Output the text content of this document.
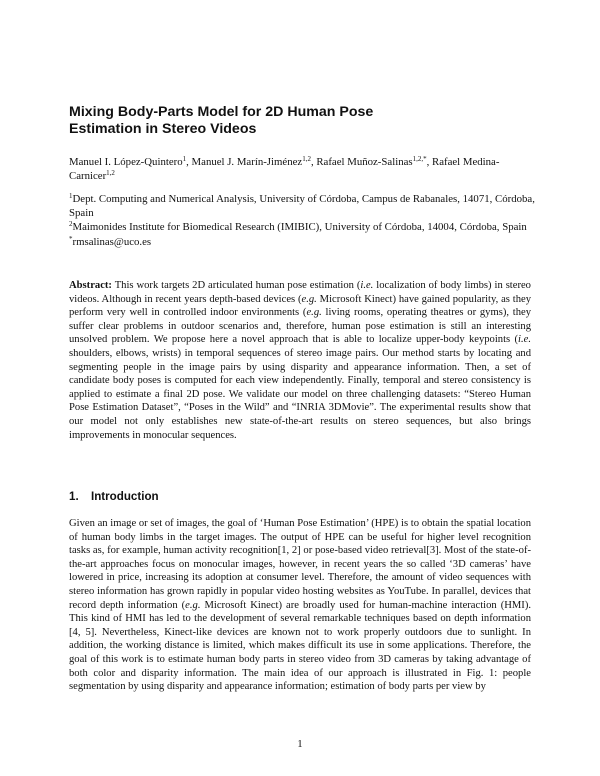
Mixing Body-Parts Model for 2D Human Pose
Estimation in Stereo Videos
Manuel I. López-Quintero$^1$, Manuel J. Marín-Jiménez$^{1,2}$, Rafael Muñoz-Salinas$^{1,2,*}$, Rafael Medina-Carnicer$^{1,2}$
$^1$Dept. Computing and Numerical Analysis, University of Córdoba, Campus de Rabanales, 14071, Córdoba, Spain
$^2$Maimonides Institute for Biomedical Research (IMIBIC), University of Córdoba, 14004, Córdoba, Spain
*rmsalinas@uco.es
Abstract: This work targets 2D articulated human pose estimation (i.e. localization of body limbs) in stereo videos. Although in recent years depth-based devices (e.g. Microsoft Kinect) have gained popularity, as they perform very well in controlled indoor environments (e.g. living rooms, operating theatres or gyms), they suffer clear problems in outdoor scenarios and, therefore, human pose estimation is still an interesting unsolved problem. We propose here a novel approach that is able to localize upper-body keypoints (i.e. shoulders, elbows, wrists) in temporal sequences of stereo image pairs. Our method starts by locating and segmenting people in the image pairs by using disparity and appearance information. Then, a set of candidate body poses is computed for each view independently. Finally, temporal and stereo consistency is applied to estimate a final 2D pose. We validate our model on three challenging datasets: “Stereo Human Pose Estimation Dataset”, “Poses in the Wild” and “INRIA 3DMovie”. The experimental results show that our model not only establishes new state-of-the-art results on stereo sequences, but also brings improvements in monocular sequences.
1. Introduction
Given an image or set of images, the goal of ‘Human Pose Estimation’ (HPE) is to obtain the spatial location of human body limbs in the target images. The output of HPE can be useful for higher level recognition tasks as, for example, human activity recognition[1, 2] or pose-based video retrieval[3]. Most of the state-of-the-art approaches focus on monocular images, however, in recent years the so called ‘3D cameras’ have lowered in price, increasing its adoption at consumer level. Therefore, the amount of video sequences with stereo information has grown rapidly in popular video hosting websites as YouTube. In parallel, devices that record depth information (e.g. Microsoft Kinect) are broadly used for human-machine interaction (HMI). This kind of HMI has led to the development of several remarkable techniques based on depth information [4, 5]. Nevertheless, Kinect-like devices are known not to work properly outdoors due to sunlight. In addition, the working distance is limited, which makes difficult its use in some applications. Therefore, the goal of this work is to estimate human body parts in stereo video from 3D cameras by taking advantage of both color and disparity information. The main idea of our approach is illustrated in Fig. 1: people segmentation by using disparity and appearance information; estimation of body parts per view by
1
